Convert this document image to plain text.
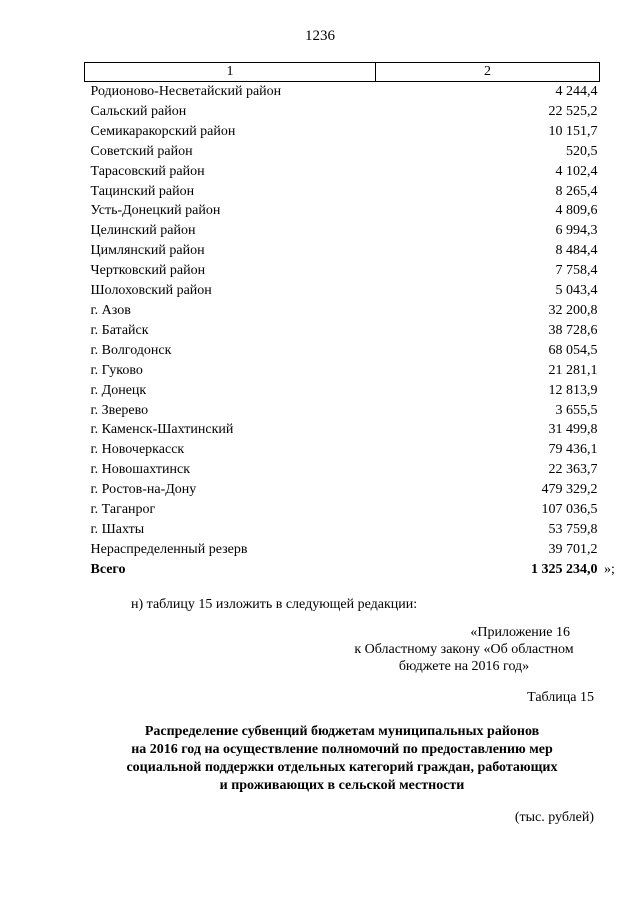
1236
1	2
Родионово-Несветайский район	4 244,4
Сальский район	22 525,2
Семикаракорский район	10 151,7
Советский район	520,5
Тарасовский район	4 102,4
Тацинский район	8 265,4
Усть-Донецкий район	4 809,6
Целинский район	6 994,3
Цимлянский район	8 484,4
Чертковский район	7 758,4
Шолоховский район	5 043,4
г. Азов	32 200,8
г. Батайск	38 728,6
г. Волгодонск	68 054,5
г. Гуково	21 281,1
г. Донецк	12 813,9
г. Зверево	3 655,5
г. Каменск-Шахтинский	31 499,8
г. Новочеркасск	79 436,1
г. Новошахтинск	22 363,7
г. Ростов-на-Дону	479 329,2
г. Таганрог	107 036,5
г. Шахты	53 759,8
Нераспределенный резерв	39 701,2
Всего	1 325 234,0 »;
н) таблицу 15 изложить в следующей редакции:
«Приложение 16
к Областному закону «Об областном
бюджете на 2016 год»
Таблица 15
Распределение субвенций бюджетам муниципальных районов
на 2016 год на осуществление полномочий по предоставлению мер
социальной поддержки отдельных категорий граждан, работающих
и проживающих в сельской местности
(тыс. рублей)
